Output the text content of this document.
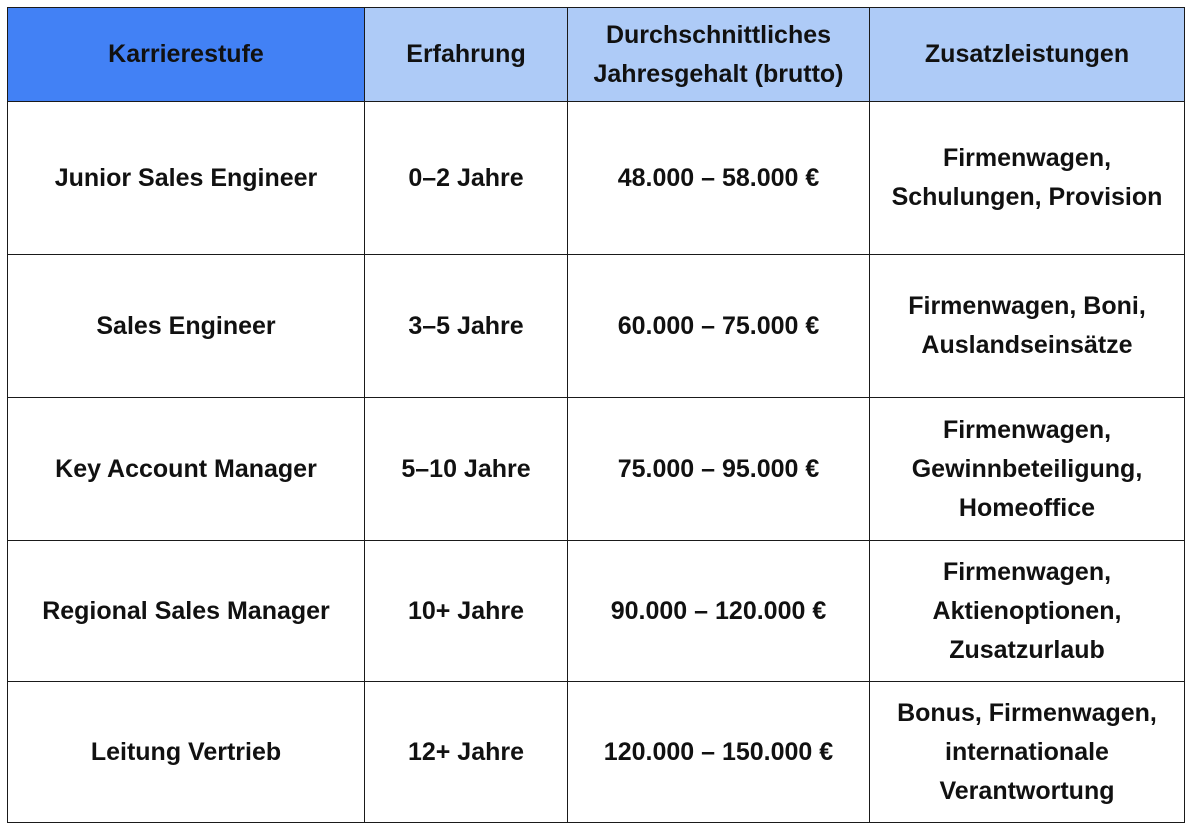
Karrierestufe	Erfahrung	Durchschnittliches Jahresgehalt (brutto)	Zusatzleistungen
Junior Sales Engineer	0–2 Jahre	48.000 – 58.000 €	Firmenwagen, Schulungen, Provision
Sales Engineer	3–5 Jahre	60.000 – 75.000 €	Firmenwagen, Boni, Auslandseinsätze
Key Account Manager	5–10 Jahre	75.000 – 95.000 €	Firmenwagen, Gewinnbeteiligung, Homeoffice
Regional Sales Manager	10+ Jahre	90.000 – 120.000 €	Firmenwagen, Aktienoptionen, Zusatzurlaub
Leitung Vertrieb	12+ Jahre	120.000 – 150.000 €	Bonus, Firmenwagen, internationale Verantwortung
